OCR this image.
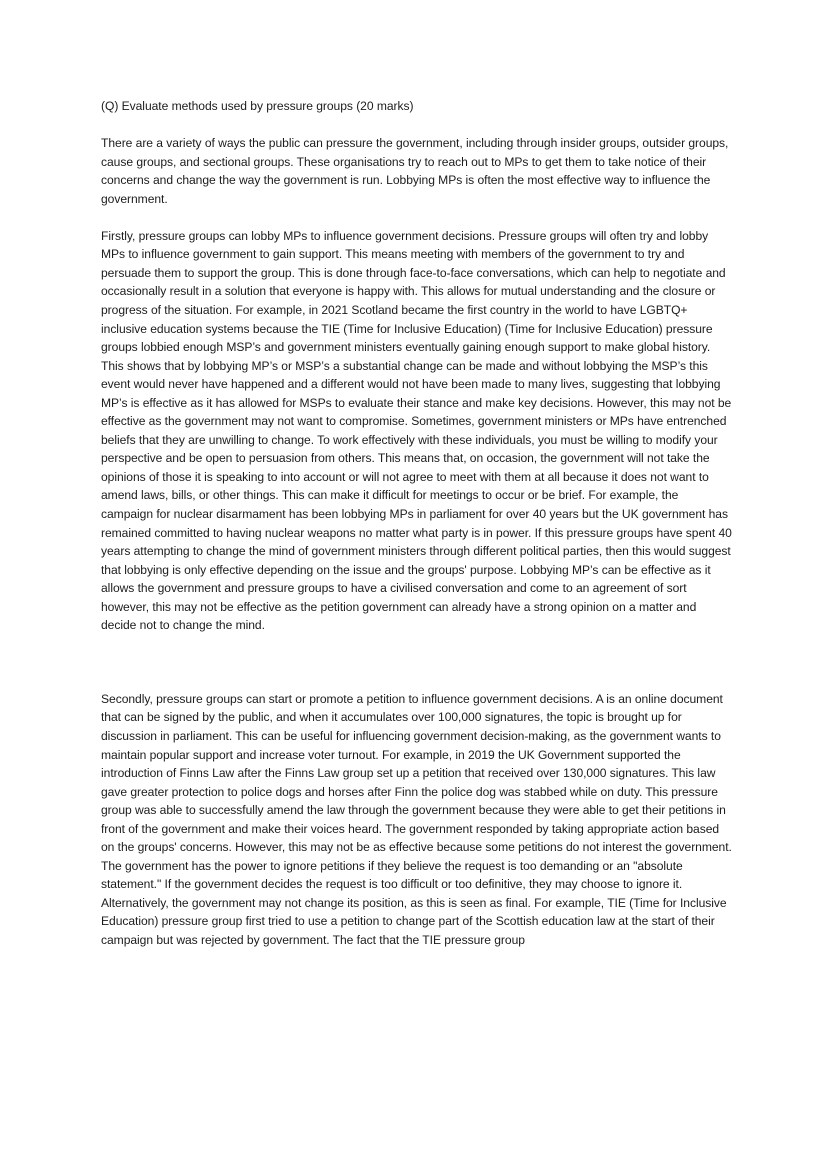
(Q) Evaluate methods used by pressure groups (20 marks)

There are a variety of ways the public can pressure the government, including through insider groups, outsider groups, cause groups, and sectional groups. These organisations try to reach out to MPs to get them to take notice of their concerns and change the way the government is run. Lobbying MPs is often the most effective way to influence the government.

Firstly, pressure groups can lobby MPs to influence government decisions. Pressure groups will often try and lobby MPs to influence government to gain support. This means meeting with members of the government to try and persuade them to support the group. This is done through face-to-face conversations, which can help to negotiate and occasionally result in a solution that everyone is happy with. This allows for mutual understanding and the closure or progress of the situation. For example, in 2021 Scotland became the first country in the world to have LGBTQ+ inclusive education systems because the TIE (Time for Inclusive Education) (Time for Inclusive Education) pressure groups lobbied enough MSP’s and government ministers eventually gaining enough support to make global history. This shows that by lobbying MP’s or MSP’s a substantial change can be made and without lobbying the MSP’s this event would never have happened and a different would not have been made to many lives, suggesting that lobbying MP’s is effective as it has allowed for MSPs to evaluate their stance and make key decisions. However, this may not be effective as the government may not want to compromise. Sometimes, government ministers or MPs have entrenched beliefs that they are unwilling to change. To work effectively with these individuals, you must be willing to modify your perspective and be open to persuasion from others. This means that, on occasion, the government will not take the opinions of those it is speaking to into account or will not agree to meet with them at all because it does not want to amend laws, bills, or other things. This can make it difficult for meetings to occur or be brief. For example, the campaign for nuclear disarmament has been lobbying MPs in parliament for over 40 years but the UK government has remained committed to having nuclear weapons no matter what party is in power. If this pressure groups have spent 40 years attempting to change the mind of government ministers through different political parties, then this would suggest that lobbying is only effective depending on the issue and the groups' purpose. Lobbying MP’s can be effective as it allows the government and pressure groups to have a civilised conversation and come to an agreement of sort however, this may not be effective as the petition government can already have a strong opinion on a matter and decide not to change the mind.

Secondly, pressure groups can start or promote a petition to influence government decisions. A is an online document that can be signed by the public, and when it accumulates over 100,000 signatures, the topic is brought up for discussion in parliament. This can be useful for influencing government decision-making, as the government wants to maintain popular support and increase voter turnout. For example, in 2019 the UK Government supported the introduction of Finns Law after the Finns Law group set up a petition that received over 130,000 signatures. This law gave greater protection to police dogs and horses after Finn the police dog was stabbed while on duty. This pressure group was able to successfully amend the law through the government because they were able to get their petitions in front of the government and make their voices heard. The government responded by taking appropriate action based on the groups' concerns. However, this may not be as effective because some petitions do not interest the government. The government has the power to ignore petitions if they believe the request is too demanding or an "absolute statement." If the government decides the request is too difficult or too definitive, they may choose to ignore it. Alternatively, the government may not change its position, as this is seen as final. For example, TIE (Time for Inclusive Education) pressure group first tried to use a petition to change part of the Scottish education law at the start of their campaign but was rejected by government. The fact that the TIE pressure group
